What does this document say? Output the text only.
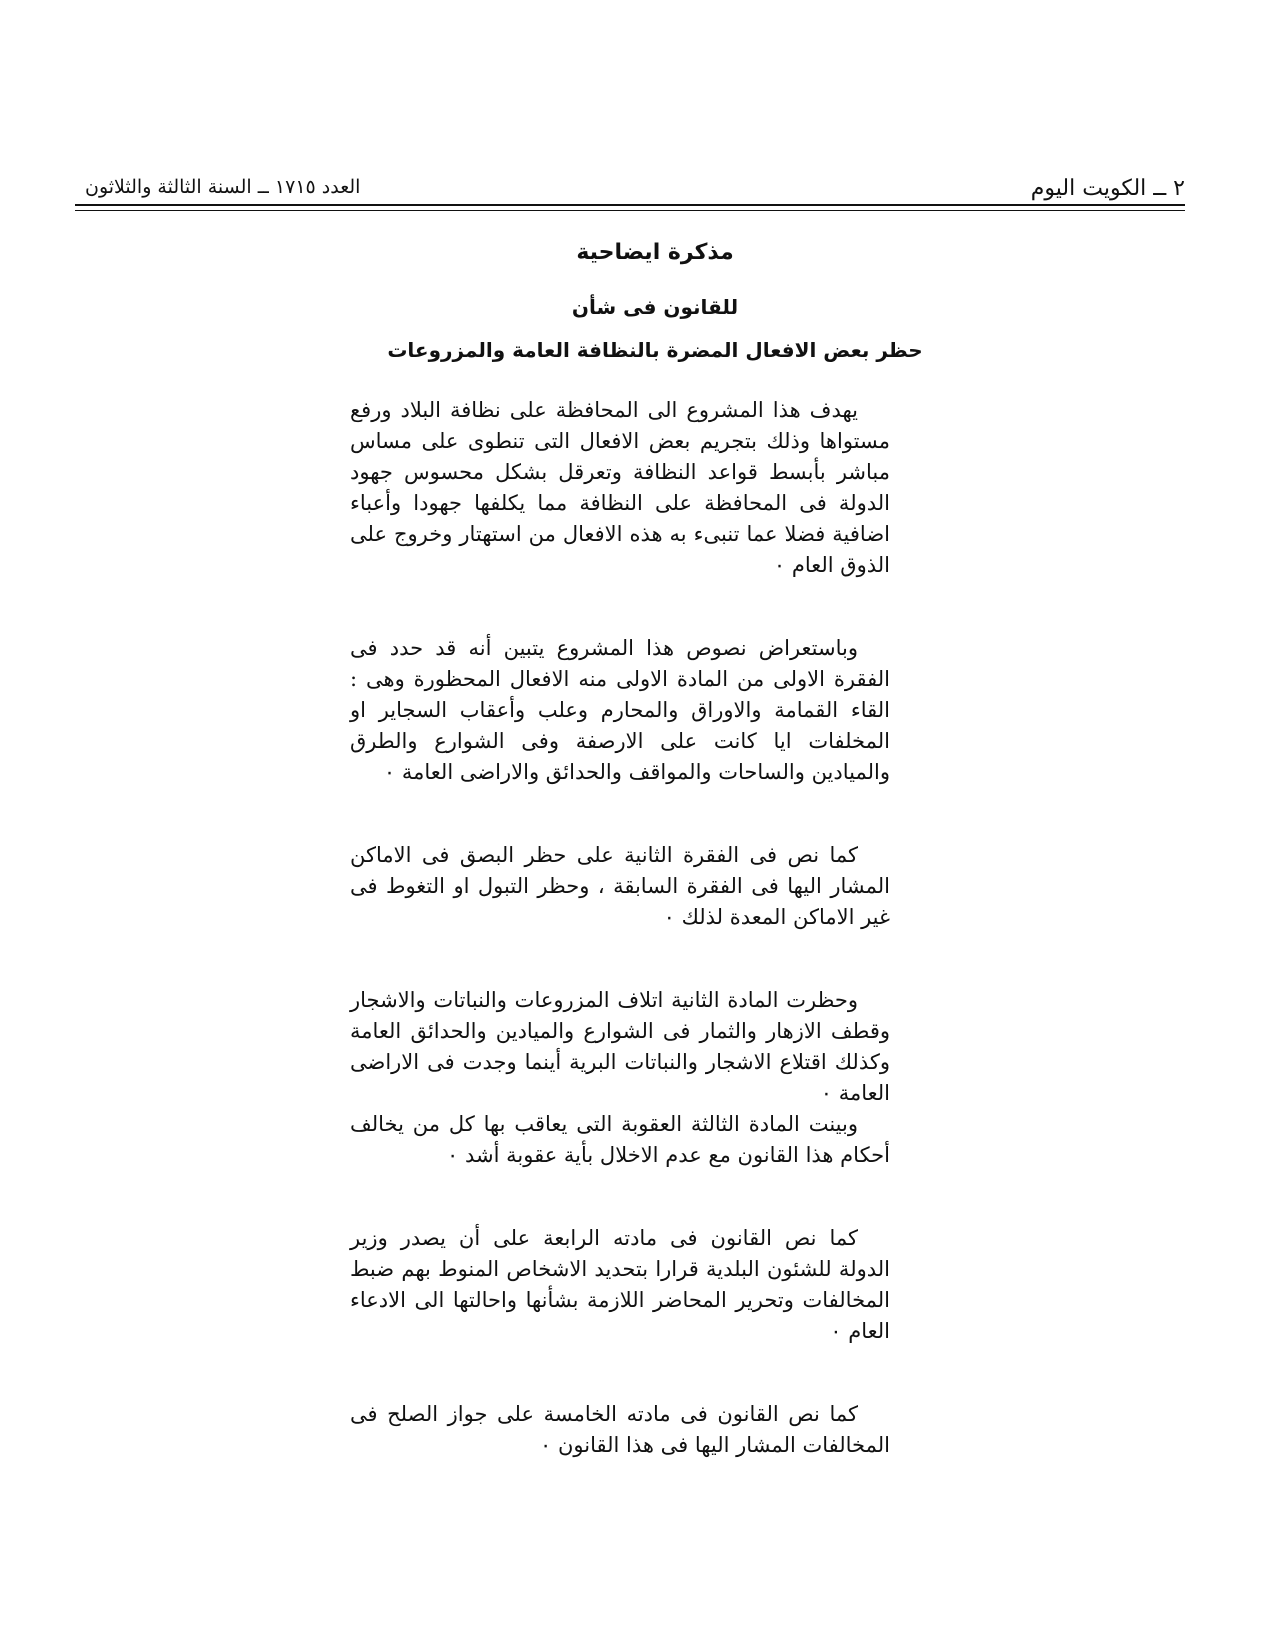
٢ ــ الكويت اليوم
العدد ١٧١٥ ــ السنة الثالثة والثلاثون
مذكرة ايضاحية
للقانون فى شأن
حظر بعض الافعال المضرة بالنظافة العامة والمزروعات

يهدف هذا المشروع الى المحافظة على نظافة البلاد ورفع مستواها وذلك بتجريم بعض الافعال التى تنطوى على مساس مباشر بأبسط قواعد النظافة وتعرقل بشكل محسوس جهود الدولة فى المحافظة على النظافة مما يكلفها جهودا وأعباء اضافية فضلا عما تنبىء به هذه الافعال من استهتار وخروج على الذوق العام ٠

وباستعراض نصوص هذا المشروع يتبين أنه قد حدد فى الفقرة الاولى من المادة الاولى منه الافعال المحظورة وهى : القاء القمامة والاوراق والمحارم وعلب وأعقاب السجاير او المخلفات ايا كانت على الارصفة وفى الشوارع والطرق والميادين والساحات والمواقف والحدائق والاراضى العامة ٠

كما نص فى الفقرة الثانية على حظر البصق فى الاماكن المشار اليها فى الفقرة السابقة ، وحظر التبول او التغوط فى غير الاماكن المعدة لذلك ٠

وحظرت المادة الثانية اتلاف المزروعات والنباتات والاشجار وقطف الازهار والثمار فى الشوارع والميادين والحدائق العامة وكذلك اقتلاع الاشجار والنباتات البرية أينما وجدت فى الاراضى العامة ٠

وبينت المادة الثالثة العقوبة التى يعاقب بها كل من يخالف أحكام هذا القانون مع عدم الاخلال بأية عقوبة أشد ٠

كما نص القانون فى مادته الرابعة على أن يصدر وزير الدولة للشئون البلدية قرارا بتحديد الاشخاص المنوط بهم ضبط المخالفات وتحرير المحاضر اللازمة بشأنها واحالتها الى الادعاء العام ٠

كما نص القانون فى مادته الخامسة على جواز الصلح فى المخالفات المشار اليها فى هذا القانون ٠
